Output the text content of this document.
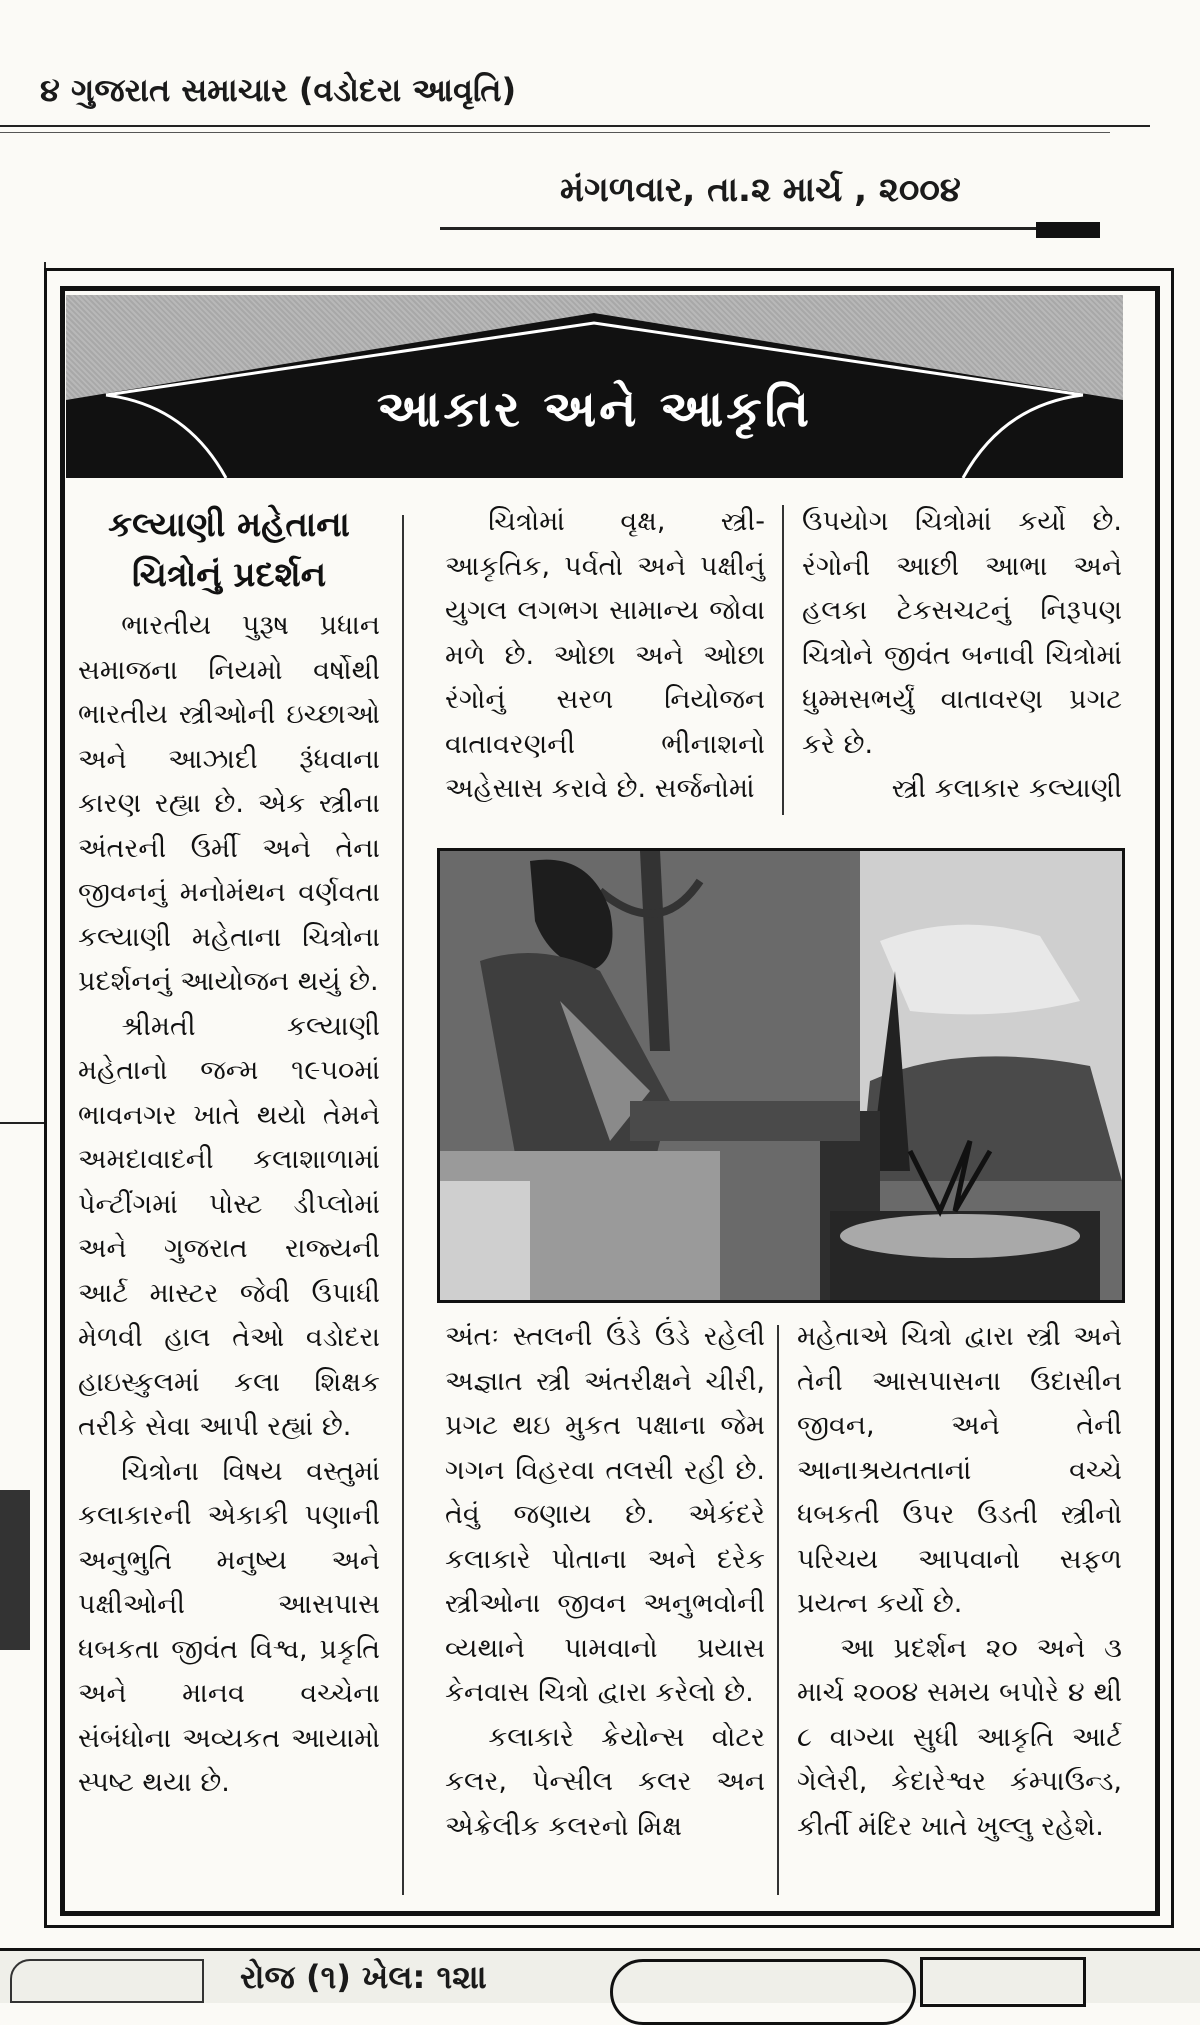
૪ ગુજરાત સમાચાર (વડોદરા આવૃતિ)
મંગળવાર, તા.૨ માર્ચ , ૨૦૦૪
આકાર અને આકૃતિ
કલ્યાણી મહેતાના ચિત્રોનું પ્રદર્શન

ભારતીય પુરૂષ પ્રધાન સમાજના નિયમો વર્ષોથી ભારતીય સ્ત્રીઓની ઇચ્છાઓ અને આઝાદી રૂંધવાના કારણ રહ્યા છે. એક સ્ત્રીના અંતરની ઉર્મી અને તેના જીવનનું મનોમંથન વર્ણવતા કલ્યાણી મહેતાના ચિત્રોના પ્રદર્શનનું આયોજન થયું છે.

શ્રીમતી કલ્યાણી મહેતાનો જન્મ ૧૯૫૦માં ભાવનગર ખાતે થયો તેમને અમદાવાદની કલાશાળામાં પેન્ટીંગમાં પોસ્ટ ડીપ્લોમાં અને ગુજરાત રાજ્યની આર્ટ માસ્ટર જેવી ઉપાધી મેળવી હાલ તેઓ વડોદરા હાઇસ્કુલમાં કલા શિક્ષક તરીકે સેવા આપી રહ્યાં છે.

ચિત્રોના વિષય વસ્તુમાં કલાકારની એકાકી પણાની અનુભુતિ મનુષ્ય અને પક્ષીઓની આસપાસ ધબકતા જીવંત વિશ્વ, પ્રકૃતિ અને માનવ વચ્ચેના સંબંધોના અવ્યકત આયામો સ્પષ્ટ થયા છે.

ચિત્રોમાં વૃક્ષ, સ્ત્રી-આકૃતિક, પર્વતો અને પક્ષીનું યુગલ લગભગ સામાન્ય જોવા મળે છે. ઓછા અને ઓછા રંગોનું સરળ નિયોજન વાતાવરણની ભીનાશનો અહેસાસ કરાવે છે. સર્જનોમાં

ઉપયોગ ચિત્રોમાં કર્યો છે. રંગોની આછી આભા અને હલકા ટેકસચટનું નિરૂપણ ચિત્રોને જીવંત બનાવી ચિત્રોમાં ધુમ્મસભર્યું વાતાવરણ પ્રગટ કરે છે.

સ્ત્રી કલાકાર કલ્યાણી

અંતઃ સ્તલની ઉંડે ઉંડે રહેલી અજ્ઞાત સ્ત્રી અંતરીક્ષને ચીરી, પ્રગટ થઇ મુકત પક્ષાના જેમ ગગન વિહરવા તલસી રહી છે. તેવું જણાય છે. એકંદરે કલાકારે પોતાના અને દરેક સ્ત્રીઓના જીવન અનુભવોની વ્યથાને પામવાનો પ્રયાસ કેનવાસ ચિત્રો દ્વારા કરેલો છે.

કલાકારે ક્રેયોન્સ વોટર કલર, પેન્સીલ કલર અન એક્રેલીક કલરનો મિક્ષ

મહેતાએ ચિત્રો દ્વારા સ્ત્રી અને તેની આસપાસના ઉદાસીન જીવન, અને તેની આનાશ્રયતતાનાં વચ્ચે ધબકતી ઉપર ઉડતી સ્ત્રીનો પરિચય આપવાનો સફળ પ્રયત્ન કર્યો છે.

આ પ્રદર્શન ૨૦ અને ૩ માર્ચ ૨૦૦૪ સમય બપોરે ૪ થી ૮ વાગ્યા સુધી આકૃતિ આર્ટ ગેલેરી, કેદારેશ્વર કંમ્પાઉન્ડ, કીર્તી મંદિર ખાતે ખુલ્લુ રહેશે.

રોજ (૧) ખેલ: ૧૨॥
